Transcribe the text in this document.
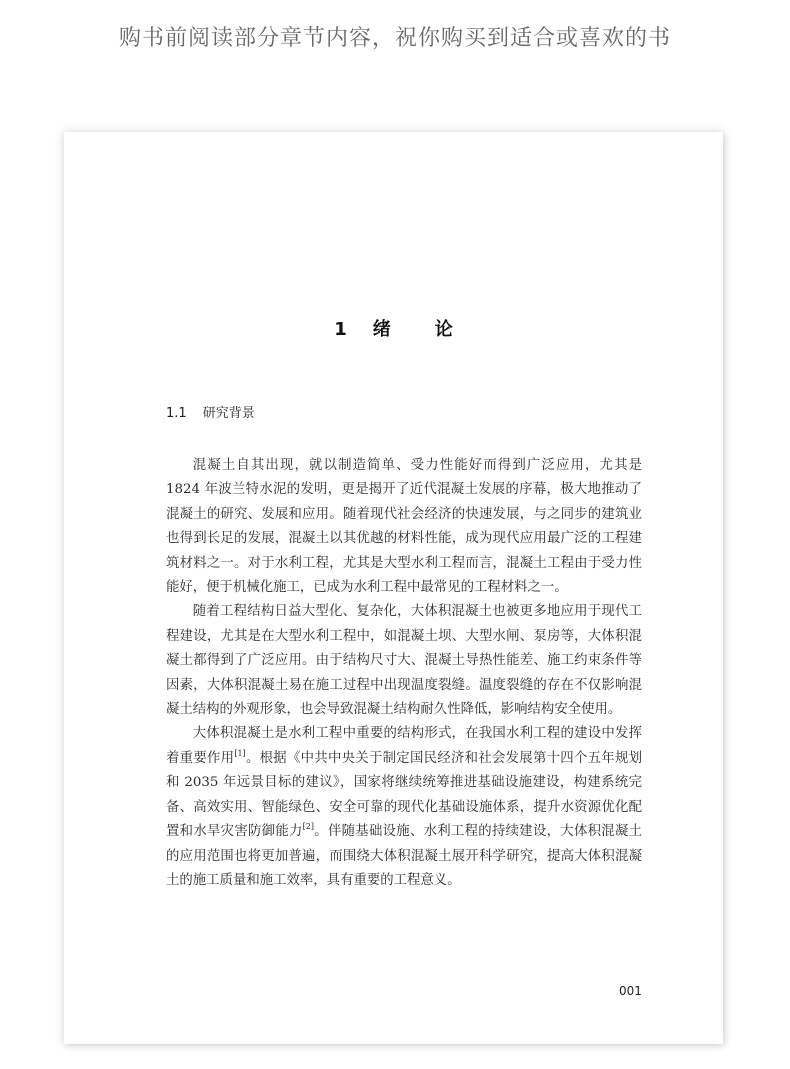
购书前阅读部分章节内容，祝你购买到适合或喜欢的书
1 绪 论
1.1 研究背景

混凝土自其出现，就以制造简单、受力性能好而得到广泛应用，尤其是 1824 年波兰特水泥的发明，更是揭开了近代混凝土发展的序幕，极大地推动了混凝土的研究、发展和应用。随着现代社会经济的快速发展，与之同步的建筑业也得到长足的发展，混凝土以其优越的材料性能，成为现代应用最广泛的工程建筑材料之一。对于水利工程，尤其是大型水利工程而言，混凝土工程由于受力性能好，便于机械化施工，已成为水利工程中最常见的工程材料之一。

随着工程结构日益大型化、复杂化，大体积混凝土也被更多地应用于现代工程建设，尤其是在大型水利工程中，如混凝土坝、大型水闸、泵房等，大体积混凝土都得到了广泛应用。由于结构尺寸大、混凝土导热性能差、施工约束条件等因素，大体积混凝土易在施工过程中出现温度裂缝。温度裂缝的存在不仅影响混凝土结构的外观形象，也会导致混凝土结构耐久性降低，影响结构安全使用。

大体积混凝土是水利工程中重要的结构形式，在我国水利工程的建设中发挥着重要作用[1]。根据《中共中央关于制定国民经济和社会发展第十四个五年规划和 2035 年远景目标的建议》，国家将继续统筹推进基础设施建设，构建系统完备、高效实用、智能绿色、安全可靠的现代化基础设施体系，提升水资源优化配置和水旱灾害防御能力[2]。伴随基础设施、水利工程的持续建设，大体积混凝土的应用范围也将更加普遍，而围绕大体积混凝土展开科学研究，提高大体积混凝土的施工质量和施工效率，具有重要的工程意义。

001
